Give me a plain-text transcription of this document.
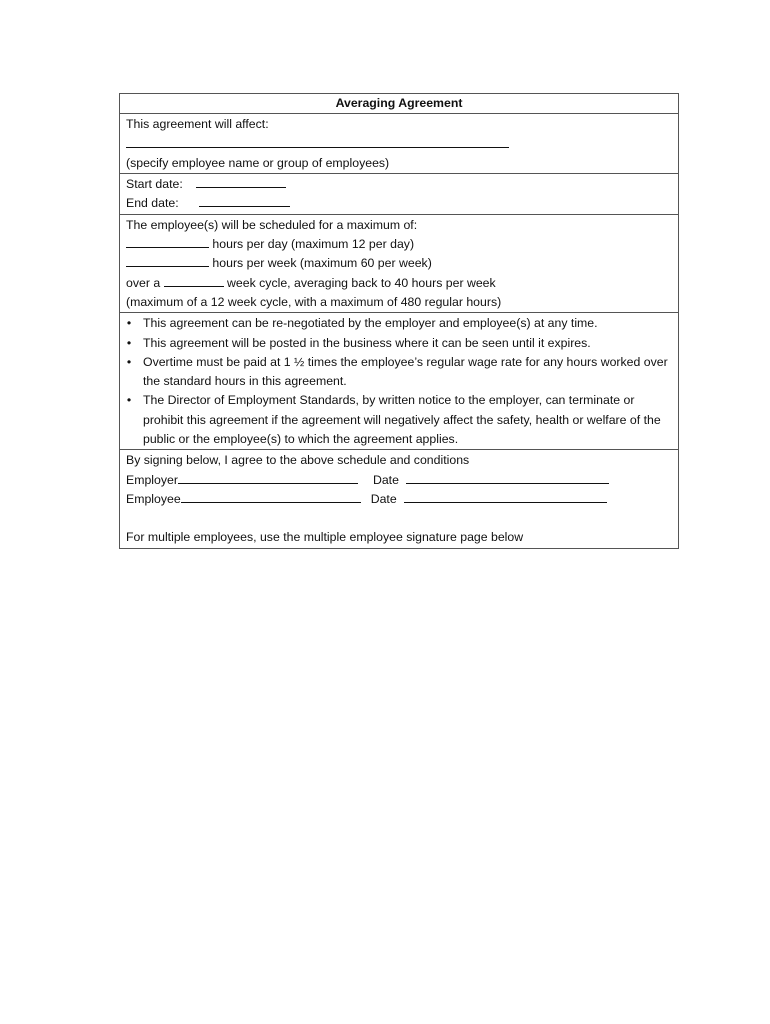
Averaging Agreement
This agreement will affect:
(specify employee name or group of employees)
Start date:
End date:
The employee(s) will be scheduled for a maximum of:
hours per day (maximum 12 per day)
hours per week (maximum 60 per week)
over a	week cycle, averaging back to 40 hours per week
(maximum of a 12 week cycle, with a maximum of 480 regular hours)
• This agreement can be re-negotiated by the employer and employee(s) at any time.
• This agreement will be posted in the business where it can be seen until it expires.
• Overtime must be paid at 1 ½ times the employee’s regular wage rate for any hours worked over the standard hours in this agreement.
• The Director of Employment Standards, by written notice to the employer, can terminate or prohibit this agreement if the agreement will negatively affect the safety, health or welfare of the public or the employee(s) to which the agreement applies.
By signing below, I agree to the above schedule and conditions
Employer	Date
Employee	Date
For multiple employees, use the multiple employee signature page below
